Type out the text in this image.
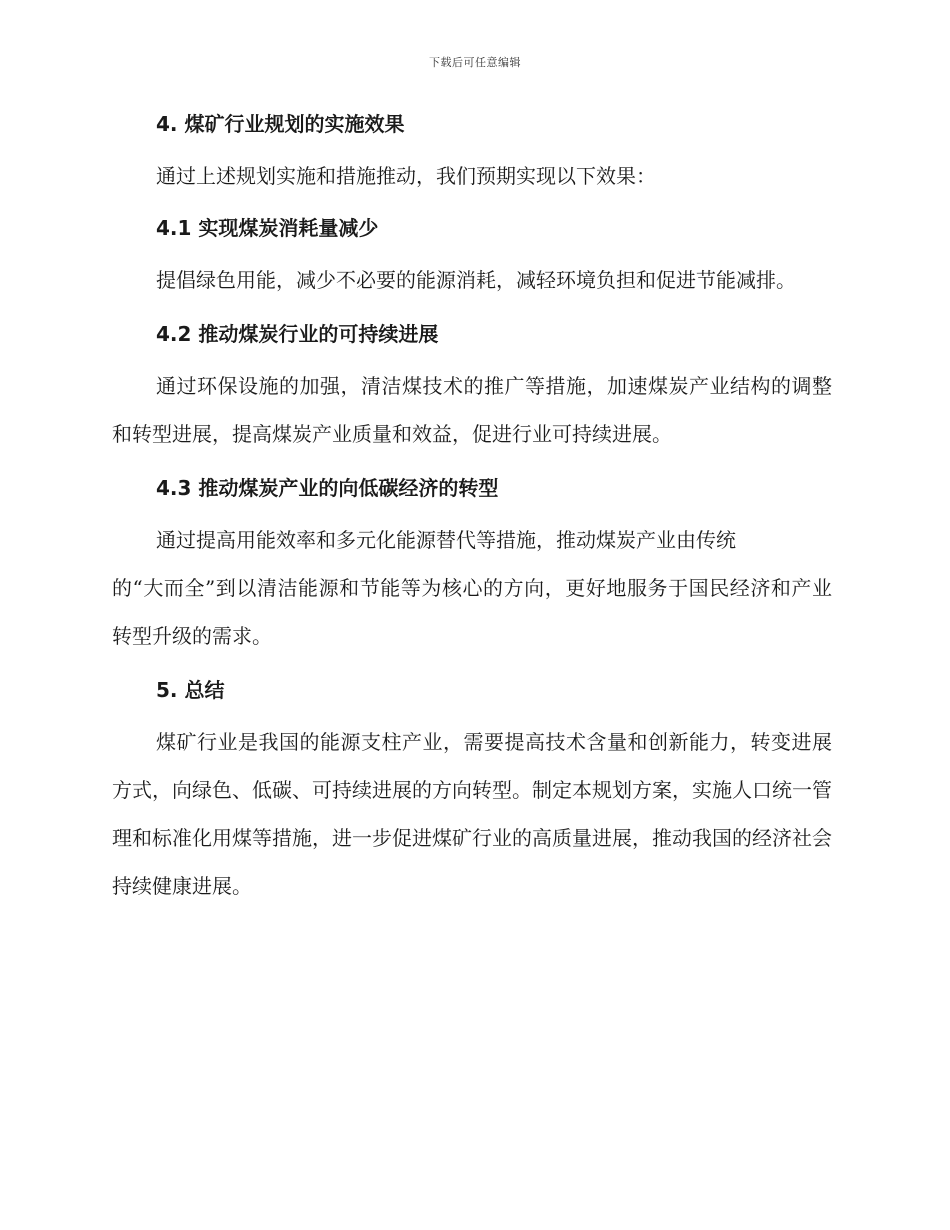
下载后可任意编辑
4. 煤矿行业规划的实施效果

通过上述规划实施和措施推动，我们预期实现以下效果：

4.1 实现煤炭消耗量减少

提倡绿色用能，减少不必要的能源消耗，减轻环境负担和促进节能减排。

4.2 推动煤炭行业的可持续进展

通过环保设施的加强，清洁煤技术的推广等措施，加速煤炭产业结构的调整和转型进展，提高煤炭产业质量和效益，促进行业可持续进展。

4.3 推动煤炭产业的向低碳经济的转型

通过提高用能效率和多元化能源替代等措施，推动煤炭产业由传统
的“大而全”到以清洁能源和节能等为核心的方向，更好地服务于国民经济和产业转型升级的需求。

5. 总结

煤矿行业是我国的能源支柱产业，需要提高技术含量和创新能力，转变进展方式，向绿色、低碳、可持续进展的方向转型。制定本规划方案，实施人口统一管理和标准化用煤等措施，进一步促进煤矿行业的高质量进展，推动我国的经济社会持续健康进展。
